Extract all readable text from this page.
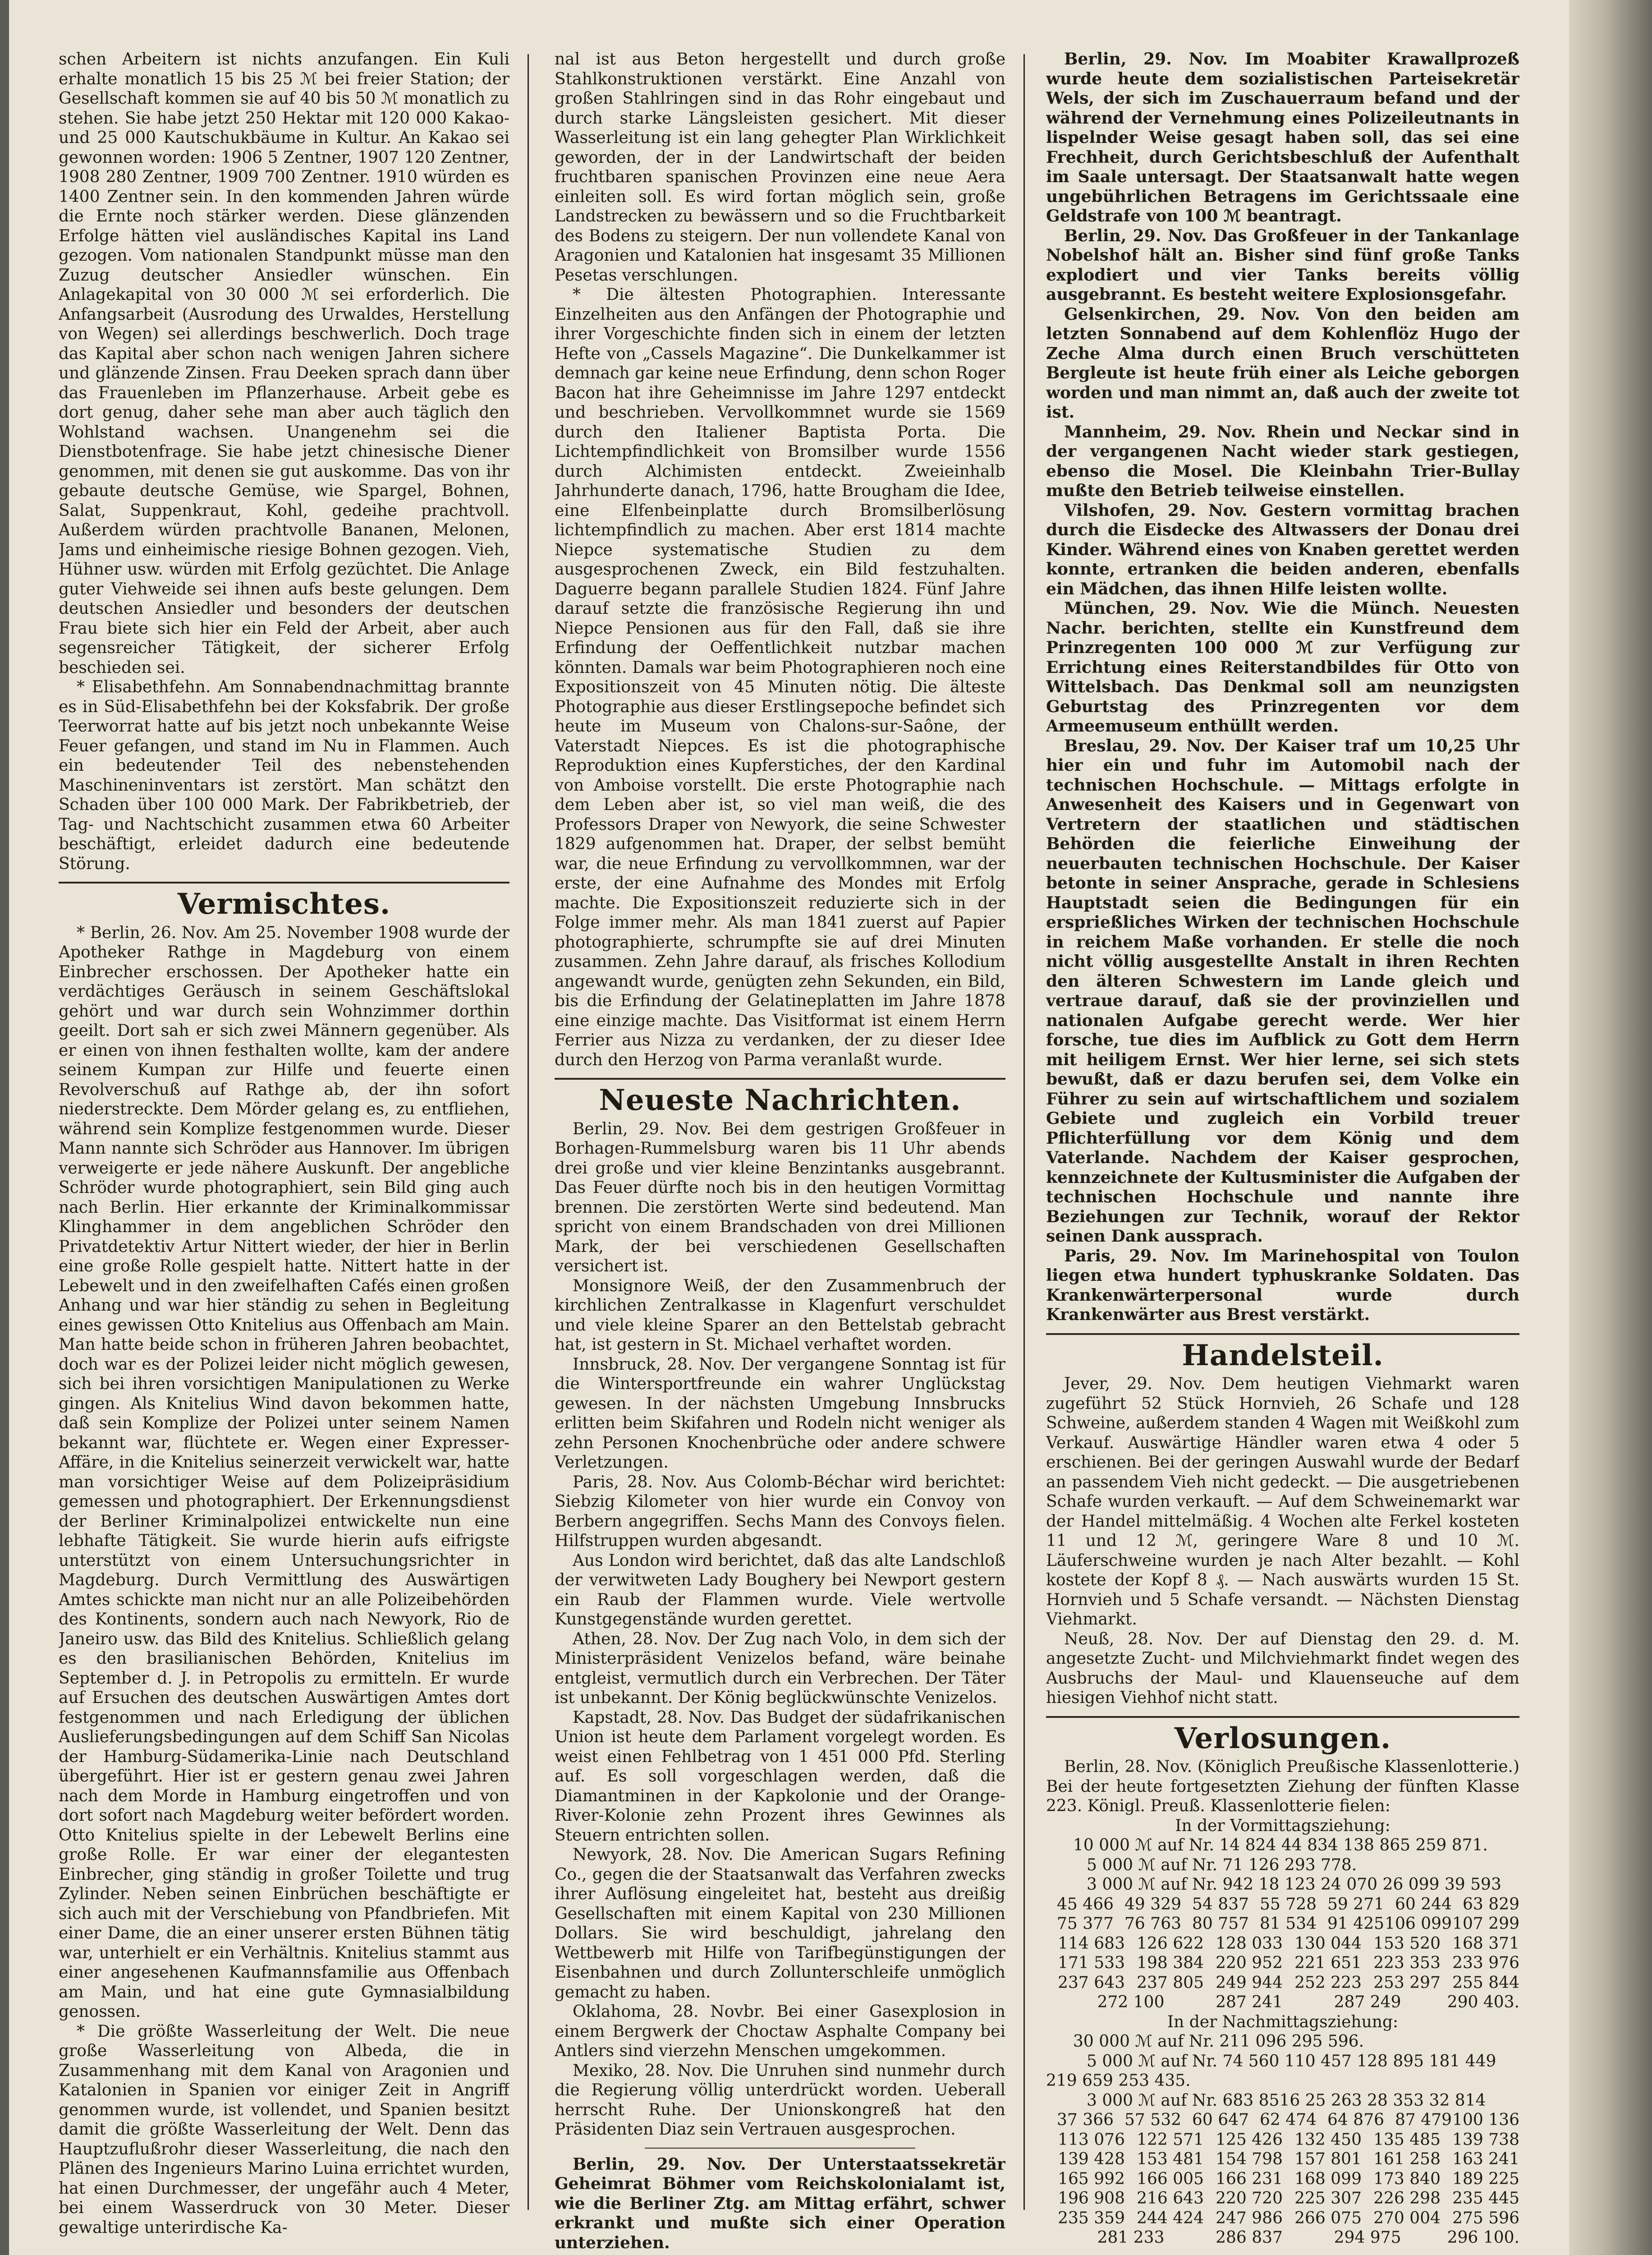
schen Arbeitern ist nichts anzufangen. Ein Kuli erhalte monatlich 15 bis 25 ℳ bei freier Station; der Gesellschaft kommen sie auf 40 bis 50 ℳ monatlich zu stehen. Sie habe jetzt 250 Hektar mit 120 000 Kakao- und 25 000 Kautschukbäume in Kultur. An Kakao sei gewonnen worden: 1906 5 Zentner, 1907 120 Zentner, 1908 280 Zentner, 1909 700 Zentner. 1910 würden es 1400 Zentner sein. In den kommenden Jahren würde die Ernte noch stärker werden. Diese glänzenden Erfolge hätten viel ausländisches Kapital ins Land gezogen. Vom nationalen Standpunkt müsse man den Zuzug deutscher Ansiedler wünschen. Ein Anlagekapital von 30 000 ℳ sei erforderlich. Die Anfangsarbeit (Ausrodung des Urwaldes, Herstellung von Wegen) sei allerdings beschwerlich. Doch trage das Kapital aber schon nach wenigen Jahren sichere und glänzende Zinsen. Frau Deeken sprach dann über das Frauenleben im Pflanzerhause. Arbeit gebe es dort genug, daher sehe man aber auch täglich den Wohlstand wachsen. Unangenehm sei die Dienstbotenfrage. Sie habe jetzt chinesische Diener genommen, mit denen sie gut auskomme. Das von ihr gebaute deutsche Gemüse, wie Spargel, Bohnen, Salat, Suppenkraut, Kohl, gedeihe prachtvoll. Außerdem würden prachtvolle Bananen, Melonen, Jams und einheimische riesige Bohnen gezogen. Vieh, Hühner usw. würden mit Erfolg gezüchtet. Die Anlage guter Viehweide sei ihnen aufs beste gelungen. Dem deutschen Ansiedler und besonders der deutschen Frau biete sich hier ein Feld der Arbeit, aber auch segensreicher Tätigkeit, der sicherer Erfolg beschieden sei.

* Elisabethfehn. Am Sonnabendnachmittag brannte es in Süd-Elisabethfehn bei der Koksfabrik. Der große Teerworrat hatte auf bis jetzt noch unbekannte Weise Feuer gefangen, und stand im Nu in Flammen. Auch ein bedeutender Teil des nebenstehenden Maschineninventars ist zerstört. Man schätzt den Schaden über 100 000 Mark. Der Fabrikbetrieb, der Tag- und Nachtschicht zusammen etwa 60 Arbeiter beschäftigt, erleidet dadurch eine bedeutende Störung.

Vermischtes.

* Berlin, 26. Nov. Am 25. November 1908 wurde der Apotheker Rathge in Magdeburg von einem Einbrecher erschossen. Der Apotheker hatte ein verdächtiges Geräusch in seinem Geschäftslokal gehört und war durch sein Wohnzimmer dorthin geeilt. Dort sah er sich zwei Männern gegenüber. Als er einen von ihnen festhalten wollte, kam der andere seinem Kumpan zur Hilfe und feuerte einen Revolverschuß auf Rathge ab, der ihn sofort niederstreckte. Dem Mörder gelang es, zu entfliehen, während sein Komplize festgenommen wurde. Dieser Mann nannte sich Schröder aus Hannover. Im übrigen verweigerte er jede nähere Auskunft. Der angebliche Schröder wurde photographiert, sein Bild ging auch nach Berlin. Hier erkannte der Kriminalkommissar Klinghammer in dem angeblichen Schröder den Privatdetektiv Artur Nittert wieder, der hier in Berlin eine große Rolle gespielt hatte. Nittert hatte in der Lebewelt und in den zweifelhaften Cafés einen großen Anhang und war hier ständig zu sehen in Begleitung eines gewissen Otto Knitelius aus Offenbach am Main. Man hatte beide schon in früheren Jahren beobachtet, doch war es der Polizei leider nicht möglich gewesen, sich bei ihren vorsichtigen Manipulationen zu Werke gingen. Als Knitelius Wind davon bekommen hatte, daß sein Komplize der Polizei unter seinem Namen bekannt war, flüchtete er. Wegen einer Expresser-Affäre, in die Knitelius seinerzeit verwickelt war, hatte man vorsichtiger Weise auf dem Polizeipräsidium gemessen und photographiert. Der Erkennungsdienst der Berliner Kriminalpolizei entwickelte nun eine lebhafte Tätigkeit. Sie wurde hierin aufs eifrigste unterstützt von einem Untersuchungsrichter in Magdeburg. Durch Vermittlung des Auswärtigen Amtes schickte man nicht nur an alle Polizeibehörden des Kontinents, sondern auch nach Newyork, Rio de Janeiro usw. das Bild des Knitelius. Schließlich gelang es den brasilianischen Behörden, Knitelius im September d. J. in Petropolis zu ermitteln. Er wurde auf Ersuchen des deutschen Auswärtigen Amtes dort festgenommen und nach Erledigung der üblichen Auslieferungsbedingungen auf dem Schiff San Nicolas der Hamburg-Südamerika-Linie nach Deutschland übergeführt. Hier ist er gestern genau zwei Jahren nach dem Morde in Hamburg eingetroffen und von dort sofort nach Magdeburg weiter befördert worden. Otto Knitelius spielte in der Lebewelt Berlins eine große Rolle. Er war einer der elegantesten Einbrecher, ging ständig in großer Toilette und trug Zylinder. Neben seinen Einbrüchen beschäftigte er sich auch mit der Verschiebung von Pfandbriefen. Mit einer Dame, die an einer unserer ersten Bühnen tätig war, unterhielt er ein Verhältnis. Knitelius stammt aus einer angesehenen Kaufmannsfamilie aus Offenbach am Main, und hat eine gute Gymnasialbildung genossen.

* Die größte Wasserleitung der Welt. Die neue große Wasserleitung von Albeda, die in Zusammenhang mit dem Kanal von Aragonien und Katalonien in Spanien vor einiger Zeit in Angriff genommen wurde, ist vollendet, und Spanien besitzt damit die größte Wasserleitung der Welt. Denn das Hauptzuflußrohr dieser Wasserleitung, die nach den Plänen des Ingenieurs Marino Luina errichtet wurden, hat einen Durchmesser, der ungefähr auch 4 Meter, bei einem Wasserdruck von 30 Meter. Dieser gewaltige unterirdische Ka-

nal ist aus Beton hergestellt und durch große Stahlkonstruktionen verstärkt. Eine Anzahl von großen Stahlringen sind in das Rohr eingebaut und durch starke Längsleisten gesichert. Mit dieser Wasserleitung ist ein lang gehegter Plan Wirklichkeit geworden, der in der Landwirtschaft der beiden fruchtbaren spanischen Provinzen eine neue Aera einleiten soll. Es wird fortan möglich sein, große Landstrecken zu bewässern und so die Fruchtbarkeit des Bodens zu steigern. Der nun vollendete Kanal von Aragonien und Katalonien hat insgesamt 35 Millionen Pesetas verschlungen.

* Die ältesten Photographien. Interessante Einzelheiten aus den Anfängen der Photographie und ihrer Vorgeschichte finden sich in einem der letzten Hefte von „Cassels Magazine“. Die Dunkelkammer ist demnach gar keine neue Erfindung, denn schon Roger Bacon hat ihre Geheimnisse im Jahre 1297 entdeckt und beschrieben. Vervollkommnet wurde sie 1569 durch den Italiener Baptista Porta. Die Lichtempfindlichkeit von Bromsilber wurde 1556 durch Alchimisten entdeckt. Zweieinhalb Jahrhunderte danach, 1796, hatte Brougham die Idee, eine Elfenbeinplatte durch Bromsilberlösung lichtempfindlich zu machen. Aber erst 1814 machte Niepce systematische Studien zu dem ausgesprochenen Zweck, ein Bild festzuhalten. Daguerre begann parallele Studien 1824. Fünf Jahre darauf setzte die französische Regierung ihn und Niepce Pensionen aus für den Fall, daß sie ihre Erfindung der Oeffentlichkeit nutzbar machen könnten. Damals war beim Photographieren noch eine Expositionszeit von 45 Minuten nötig. Die älteste Photographie aus dieser Erstlingsepoche befindet sich heute im Museum von Chalons-sur-Saône, der Vaterstadt Niepces. Es ist die photographische Reproduktion eines Kupferstiches, der den Kardinal von Amboise vorstellt. Die erste Photographie nach dem Leben aber ist, so viel man weiß, die des Professors Draper von Newyork, die seine Schwester 1829 aufgenommen hat. Draper, der selbst bemüht war, die neue Erfindung zu vervollkommnen, war der erste, der eine Aufnahme des Mondes mit Erfolg machte. Die Expositionszeit reduzierte sich in der Folge immer mehr. Als man 1841 zuerst auf Papier photographierte, schrumpfte sie auf drei Minuten zusammen. Zehn Jahre darauf, als frisches Kollodium angewandt wurde, genügten zehn Sekunden, ein Bild, bis die Erfindung der Gelatineplatten im Jahre 1878 eine einzige machte. Das Visitformat ist einem Herrn Ferrier aus Nizza zu verdanken, der zu dieser Idee durch den Herzog von Parma veranlaßt wurde.

Neueste Nachrichten.

Berlin, 29. Nov. Bei dem gestrigen Großfeuer in Borhagen-Rummelsburg waren bis 11 Uhr abends drei große und vier kleine Benzintanks ausgebrannt. Das Feuer dürfte noch bis in den heutigen Vormittag brennen. Die zerstörten Werte sind bedeutend. Man spricht von einem Brandschaden von drei Millionen Mark, der bei verschiedenen Gesellschaften versichert ist.

Monsignore Weiß, der den Zusammenbruch der kirchlichen Zentralkasse in Klagenfurt verschuldet und viele kleine Sparer an den Bettelstab gebracht hat, ist gestern in St. Michael verhaftet worden.

Innsbruck, 28. Nov. Der vergangene Sonntag ist für die Wintersportfreunde ein wahrer Unglückstag gewesen. In der nächsten Umgebung Innsbrucks erlitten beim Skifahren und Rodeln nicht weniger als zehn Personen Knochenbrüche oder andere schwere Verletzungen.

Paris, 28. Nov. Aus Colomb-Béchar wird berichtet: Siebzig Kilometer von hier wurde ein Convoy von Berbern angegriffen. Sechs Mann des Convoys fielen. Hilfstruppen wurden abgesandt.

Aus London wird berichtet, daß das alte Landschloß der verwitweten Lady Boughery bei Newport gestern ein Raub der Flammen wurde. Viele wertvolle Kunstgegenstände wurden gerettet.

Athen, 28. Nov. Der Zug nach Volo, in dem sich der Ministerpräsident Venizelos befand, wäre beinahe entgleist, vermutlich durch ein Verbrechen. Der Täter ist unbekannt. Der König beglückwünschte Venizelos.

Kapstadt, 28. Nov. Das Budget der südafrikanischen Union ist heute dem Parlament vorgelegt worden. Es weist einen Fehlbetrag von 1 451 000 Pfd. Sterling auf. Es soll vorgeschlagen werden, daß die Diamantminen in der Kapkolonie und der Orange-River-Kolonie zehn Prozent ihres Gewinnes als Steuern entrichten sollen.

Newyork, 28. Nov. Die American Sugars Refining Co., gegen die der Staatsanwalt das Verfahren zwecks ihrer Auflösung eingeleitet hat, besteht aus dreißig Gesellschaften mit einem Kapital von 230 Millionen Dollars. Sie wird beschuldigt, jahrelang den Wettbewerb mit Hilfe von Tarifbegünstigungen der Eisenbahnen und durch Zollunterschleife unmöglich gemacht zu haben.

Oklahoma, 28. Novbr. Bei einer Gasexplosion in einem Bergwerk der Choctaw Asphalte Company bei Antlers sind vierzehn Menschen umgekommen.

Mexiko, 28. Nov. Die Unruhen sind nunmehr durch die Regierung völlig unterdrückt worden. Ueberall herrscht Ruhe. Der Unionskongreß hat den Präsidenten Diaz sein Vertrauen ausgesprochen.

Berlin, 29. Nov. Der Unterstaatssekretär Geheimrat Böhmer vom Reichskolonialamt ist, wie die Berliner Ztg. am Mittag erfährt, schwer erkrankt und mußte sich einer Operation unterziehen.

Berlin, 29. Nov. Im Moabiter Krawallprozeß wurde heute dem sozialistischen Parteisekretär Wels, der sich im Zuschauerraum befand und der während der Vernehmung eines Polizeileutnants in lispelnder Weise gesagt haben soll, das sei eine Frechheit, durch Gerichtsbeschluß der Aufenthalt im Saale untersagt. Der Staatsanwalt hatte wegen ungebührlichen Betragens im Gerichtssaale eine Geldstrafe von 100 ℳ beantragt.

Berlin, 29. Nov. Das Großfeuer in der Tankanlage Nobelshof hält an. Bisher sind fünf große Tanks explodiert und vier Tanks bereits völlig ausgebrannt. Es besteht weitere Explosionsgefahr.

Gelsenkirchen, 29. Nov. Von den beiden am letzten Sonnabend auf dem Kohlenflöz Hugo der Zeche Alma durch einen Bruch verschütteten Bergleute ist heute früh einer als Leiche geborgen worden und man nimmt an, daß auch der zweite tot ist.

Mannheim, 29. Nov. Rhein und Neckar sind in der vergangenen Nacht wieder stark gestiegen, ebenso die Mosel. Die Kleinbahn Trier-Bullay mußte den Betrieb teilweise einstellen.

Vilshofen, 29. Nov. Gestern vormittag brachen durch die Eisdecke des Altwassers der Donau drei Kinder. Während eines von Knaben gerettet werden konnte, ertranken die beiden anderen, ebenfalls ein Mädchen, das ihnen Hilfe leisten wollte.

München, 29. Nov. Wie die Münch. Neuesten Nachr. berichten, stellte ein Kunstfreund dem Prinzregenten 100 000 ℳ zur Verfügung zur Errichtung eines Reiterstandbildes für Otto von Wittelsbach. Das Denkmal soll am neunzigsten Geburtstag des Prinzregenten vor dem Armeemuseum enthüllt werden.

Breslau, 29. Nov. Der Kaiser traf um 10,25 Uhr hier ein und fuhr im Automobil nach der technischen Hochschule. — Mittags erfolgte in Anwesenheit des Kaisers und in Gegenwart von Vertretern der staatlichen und städtischen Behörden die feierliche Einweihung der neuerbauten technischen Hochschule. Der Kaiser betonte in seiner Ansprache, gerade in Schlesiens Hauptstadt seien die Bedingungen für ein ersprießliches Wirken der technischen Hochschule in reichem Maße vorhanden. Er stelle die noch nicht völlig ausgestellte Anstalt in ihren Rechten den älteren Schwestern im Lande gleich und vertraue darauf, daß sie der provinziellen und nationalen Aufgabe gerecht werde. Wer hier forsche, tue dies im Aufblick zu Gott dem Herrn mit heiligem Ernst. Wer hier lerne, sei sich stets bewußt, daß er dazu berufen sei, dem Volke ein Führer zu sein auf wirtschaftlichem und sozialem Gebiete und zugleich ein Vorbild treuer Pflichterfüllung vor dem König und dem Vaterlande. Nachdem der Kaiser gesprochen, kennzeichnete der Kultusminister die Aufgaben der technischen Hochschule und nannte ihre Beziehungen zur Technik, worauf der Rektor seinen Dank aussprach.

Paris, 29. Nov. Im Marinehospital von Toulon liegen etwa hundert typhuskranke Soldaten. Das Krankenwärterpersonal wurde durch Krankenwärter aus Brest verstärkt.

Handelsteil.

Jever, 29. Nov. Dem heutigen Viehmarkt waren zugeführt 52 Stück Hornvieh, 26 Schafe und 128 Schweine, außerdem standen 4 Wagen mit Weißkohl zum Verkauf. Auswärtige Händler waren etwa 4 oder 5 erschienen. Bei der geringen Auswahl wurde der Bedarf an passendem Vieh nicht gedeckt. — Die ausgetriebenen Schafe wurden verkauft. — Auf dem Schweinemarkt war der Handel mittelmäßig. 4 Wochen alte Ferkel kosteten 11 und 12 ℳ, geringere Ware 8 und 10 ℳ. Läuferschweine wurden je nach Alter bezahlt. — Kohl kostete der Kopf 8 ₰. — Nach auswärts wurden 15 St. Hornvieh und 5 Schafe versandt. — Nächsten Dienstag Viehmarkt.

Neuß, 28. Nov. Der auf Dienstag den 29. d. M. angesetzte Zucht- und Milchviehmarkt findet wegen des Ausbruchs der Maul- und Klauenseuche auf dem hiesigen Viehhof nicht statt.

Verlosungen.

Berlin, 28. Nov. (Königlich Preußische Klassenlotterie.) Bei der heute fortgesetzten Ziehung der fünften Klasse 223. Königl. Preuß. Klassenlotterie fielen:

In der Vormittagsziehung:

10 000 ℳ auf Nr. 14 824 44 834 138 865 259 871.

5 000 ℳ auf Nr. 71 126 293 778.

3 000 ℳ auf Nr. 942 18 123 24 070 26 099 39 593

45 466 49 329 54 837 55 728 59 271 60 244 63 829
75 377 76 763 80 757 81 534 91 425 106 099 107 299
114 683 126 622 128 033 130 044 153 520 168 371
171 533 198 384 220 952 221 651 223 353 233 976
237 643 237 805 249 944 252 223 253 297 255 844
272 100	287 241	287 249	290 403.

In der Nachmittagsziehung:

30 000 ℳ auf Nr. 211 096 295 596.

5 000 ℳ auf Nr. 74 560 110 457 128 895 181 449

219 659 253 435.

3 000 ℳ auf Nr. 683 8516 25 263 28 353 32 814

37 366 57 532 60 647 62 474 64 876 87 479 100 136
113 076 122 571 125 426 132 450 135 485 139 738
139 428 153 481 154 798 157 801 161 258 163 241
165 992 166 005 166 231 168 099 173 840 189 225
196 908 216 643 220 720 225 307 226 298 235 445
235 359 244 424 247 986 266 075 270 004 275 596
281 233	286 837	294 975	296 100.
